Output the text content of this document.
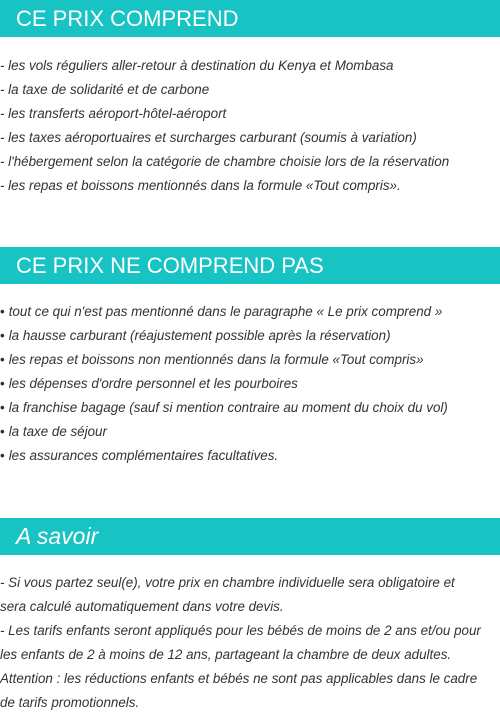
CE PRIX COMPREND
- les vols réguliers aller-retour à destination du Kenya et Mombasa
- la taxe de solidarité et de carbone
- les transferts aéroport-hôtel-aéroport
- les taxes aéroportuaires et surcharges carburant (soumis à variation)
- l'hébergement selon la catégorie de chambre choisie lors de la réservation
- les repas et boissons mentionnés dans la formule «Tout compris».
CE PRIX NE COMPREND PAS
• tout ce qui n'est pas mentionné dans le paragraphe « Le prix comprend »
• la hausse carburant (réajustement possible après la réservation)
• les repas et boissons non mentionnés dans la formule «Tout compris»
• les dépenses d'ordre personnel et les pourboires
• la franchise bagage (sauf si mention contraire au moment du choix du vol)
• la taxe de séjour
• les assurances complémentaires facultatives.
A savoir
- Si vous partez seul(e), votre prix en chambre individuelle sera obligatoire et
sera calculé automatiquement dans votre devis.
- Les tarifs enfants seront appliqués pour les bébés de moins de 2 ans et/ou pour
les enfants de 2 à moins de 12 ans, partageant la chambre de deux adultes.
Attention : les réductions enfants et bébés ne sont pas applicables dans le cadre
de tarifs promotionnels.
